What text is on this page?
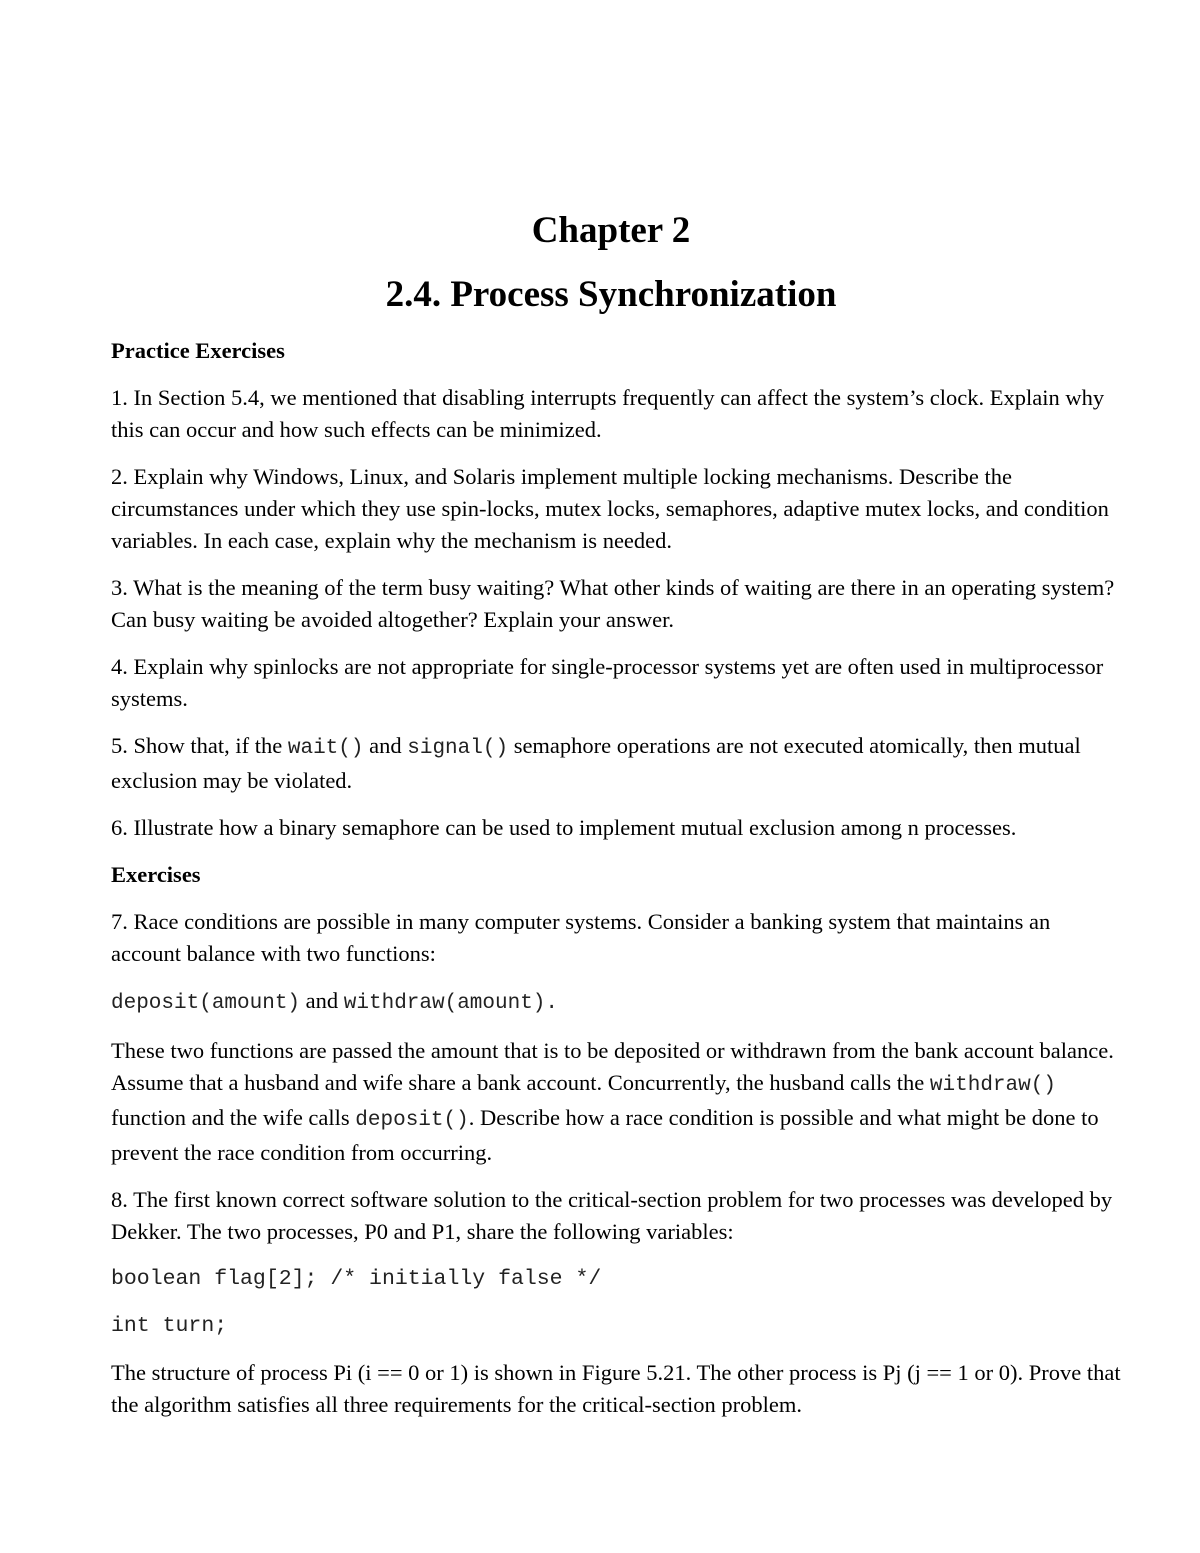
Chapter 2
2.4. Process Synchronization

Practice Exercises

1. In Section 5.4, we mentioned that disabling interrupts frequently can affect the system’s clock. Explain why this can occur and how such effects can be minimized.

2. Explain why Windows, Linux, and Solaris implement multiple locking mechanisms. Describe the circumstances under which they use spin-locks, mutex locks, semaphores, adaptive mutex locks, and condition variables. In each case, explain why the mechanism is needed.

3. What is the meaning of the term busy waiting? What other kinds of waiting are there in an operating system? Can busy waiting be avoided altogether? Explain your answer.

4. Explain why spinlocks are not appropriate for single-processor systems yet are often used in multiprocessor systems.

5. Show that, if the wait() and signal() semaphore operations are not executed atomically, then mutual exclusion may be violated.

6. Illustrate how a binary semaphore can be used to implement mutual exclusion among n processes.

Exercises

7. Race conditions are possible in many computer systems. Consider a banking system that maintains an account balance with two functions:

deposit(amount) and withdraw(amount).

These two functions are passed the amount that is to be deposited or withdrawn from the bank account balance. Assume that a husband and wife share a bank account. Concurrently, the husband calls the withdraw() function and the wife calls deposit(). Describe how a race condition is possible and what might be done to prevent the race condition from occurring.

8. The first known correct software solution to the critical-section problem for two processes was developed by Dekker. The two processes, P0 and P1, share the following variables:

boolean flag[2]; /* initially false */

int turn;

The structure of process Pi (i == 0 or 1) is shown in Figure 5.21. The other process is Pj (j == 1 or 0). Prove that the algorithm satisfies all three requirements for the critical-section problem.
